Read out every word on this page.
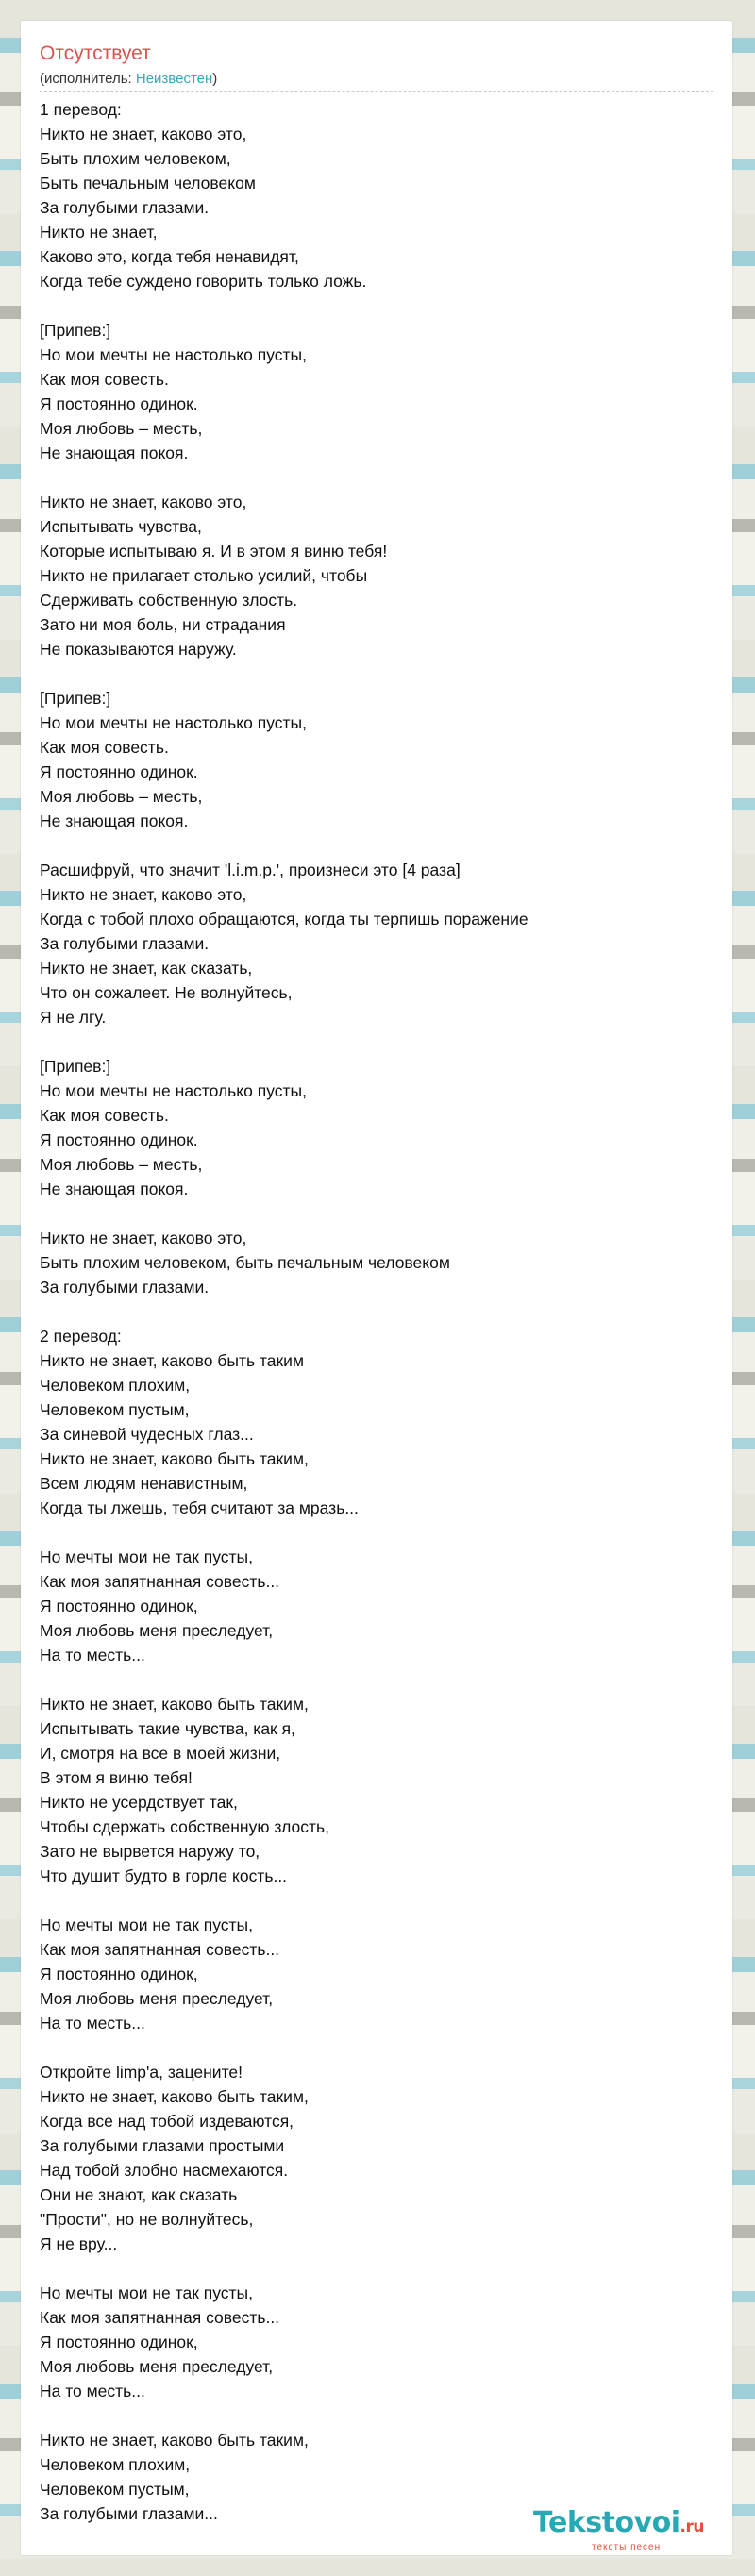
Отсутствует
(исполнитель: Неизвестен)
1 перевод:
Никто не знает, каково это,
Быть плохим человеком,
Быть печальным человеком
За голубыми глазами.
Никто не знает,
Каково это, когда тебя ненавидят,
Когда тебе суждено говорить только ложь.
[Припев:]
Но мои мечты не настолько пусты,
Как моя совесть.
Я постоянно одинок.
Моя любовь – месть,
Не знающая покоя.
Никто не знает, каково это,
Испытывать чувства,
Которые испытываю я. И в этом я виню тебя!
Никто не прилагает столько усилий, чтобы
Сдерживать собственную злость.
Зато ни моя боль, ни страдания
Не показываются наружу.
[Припев:]
Но мои мечты не настолько пусты,
Как моя совесть.
Я постоянно одинок.
Моя любовь – месть,
Не знающая покоя.
Расшифруй, что значит 'l.i.m.p.', произнеси это [4 раза]
Никто не знает, каково это,
Когда с тобой плохо обращаются, когда ты терпишь поражение
За голубыми глазами.
Никто не знает, как сказать,
Что он сожалеет. Не волнуйтесь,
Я не лгу.
[Припев:]
Но мои мечты не настолько пусты,
Как моя совесть.
Я постоянно одинок.
Моя любовь – месть,
Не знающая покоя.
Никто не знает, каково это,
Быть плохим человеком, быть печальным человеком
За голубыми глазами.
2 перевод:
Никто не знает, каково быть таким
Человеком плохим,
Человеком пустым,
За синевой чудесных глаз...
Никто не знает, каково быть таким,
Всем людям ненавистным,
Когда ты лжешь, тебя считают за мразь...
Но мечты мои не так пусты,
Как моя запятнанная совесть...
Я постоянно одинок,
Моя любовь меня преследует,
На то месть...
Никто не знает, каково быть таким,
Испытывать такие чувства, как я,
И, смотря на все в моей жизни,
В этом я виню тебя!
Никто не усердствует так,
Чтобы сдержать собственную злость,
Зато не вырвется наружу то,
Что душит будто в горле кость...
Но мечты мои не так пусты,
Как моя запятнанная совесть...
Я постоянно одинок,
Моя любовь меня преследует,
На то месть...
Откройте limp'a, зацените!
Никто не знает, каково быть таким,
Когда все над тобой издеваются,
За голубыми глазами простыми
Над тобой злобно насмехаются.
Они не знают, как сказать
"Прости", но не волнуйтесь,
Я не вру...
Но мечты мои не так пусты,
Как моя запятнанная совесть...
Я постоянно одинок,
Моя любовь меня преследует,
На то месть...
Никто не знает, каково быть таким,
Человеком плохим,
Человеком пустым,
За голубыми глазами...	Tekstovoi.ru
тексты песен
